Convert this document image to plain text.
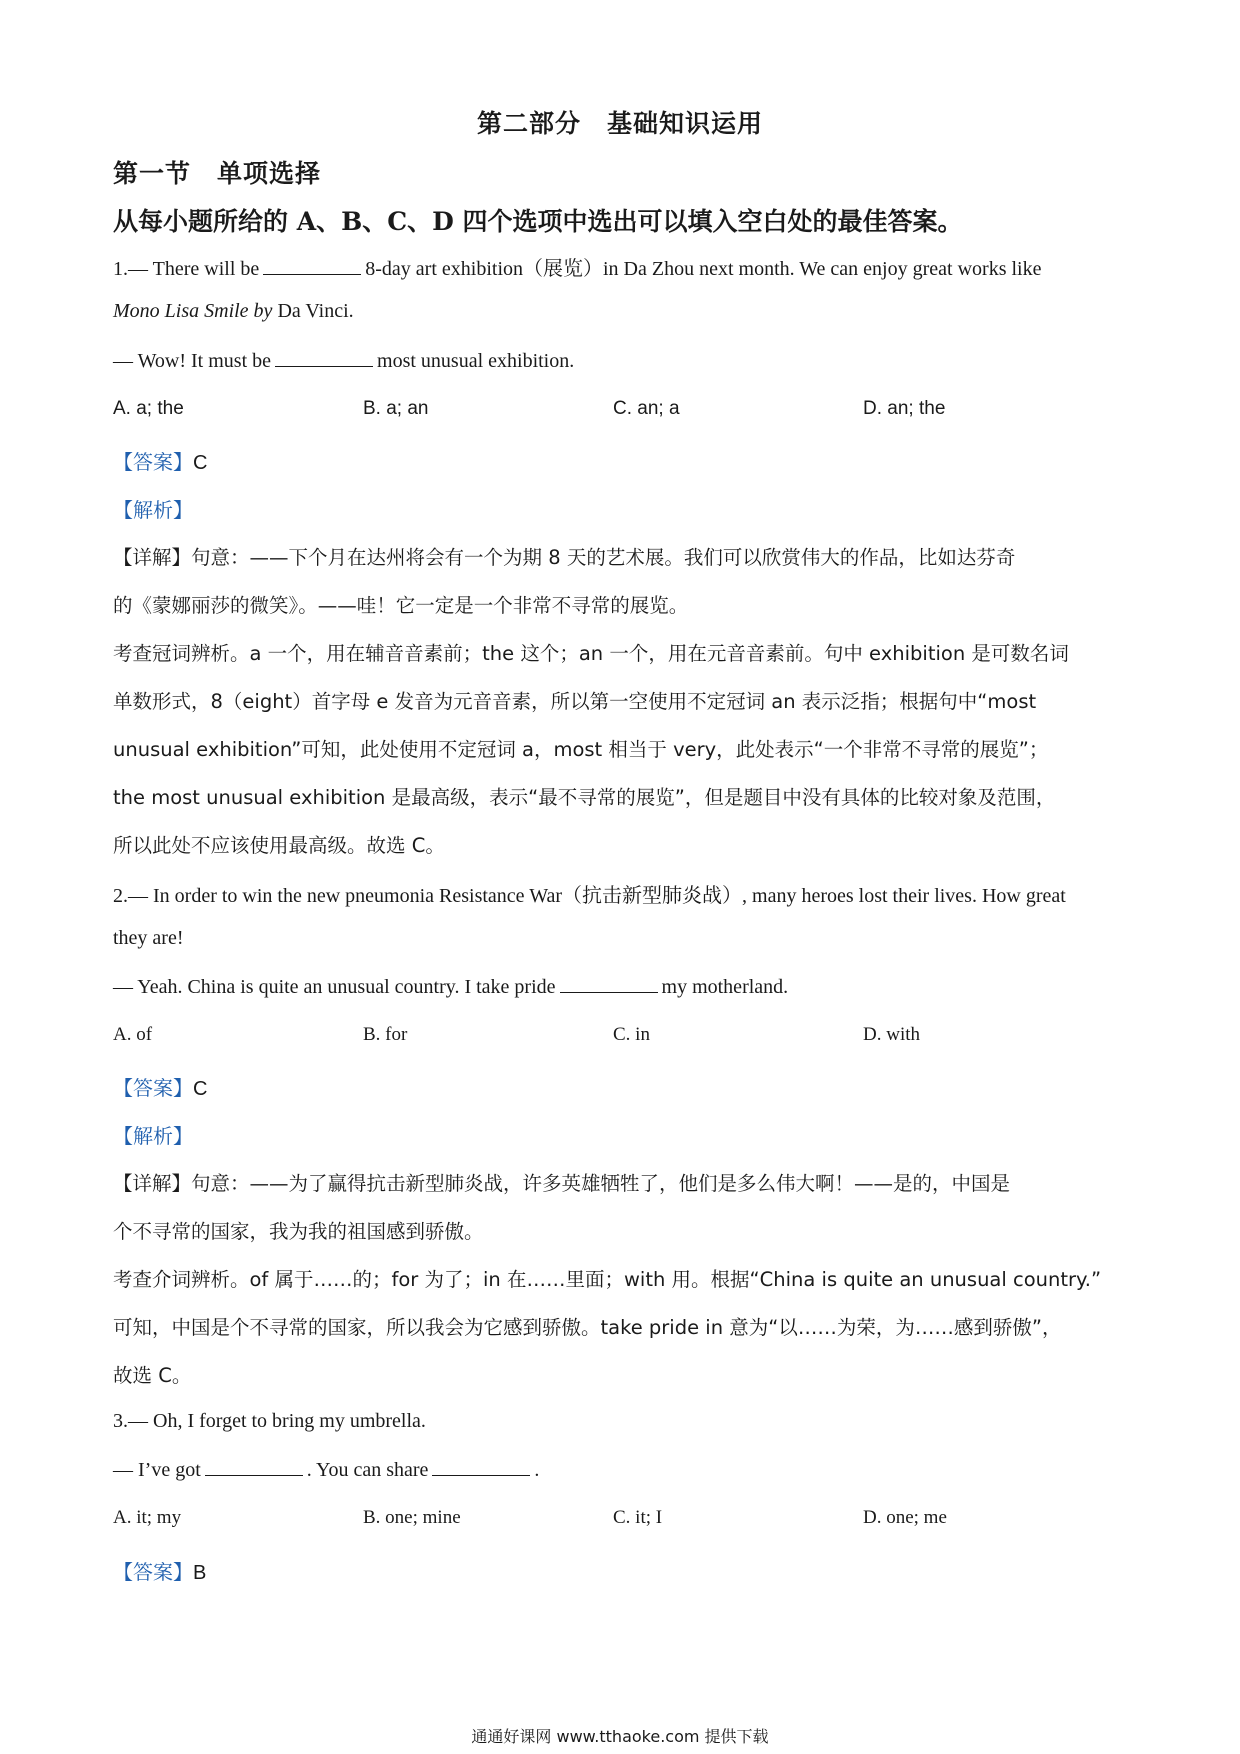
第二部分　基础知识运用
第一节　单项选择
从每小题所给的 A、B、C、D 四个选项中选出可以填入空白处的最佳答案。
1.— There will be	8-day art exhibition（展览）in Da Zhou next month. We can enjoy great works like
Mono Lisa Smile by Da Vinci.
— Wow! It must be	most unusual exhibition.
A. a; the	B. a; an	C. an; a	D. an; the
【答案】C
【解析】
【详解】句意：——下个月在达州将会有一个为期 8 天的艺术展。我们可以欣赏伟大的作品，比如达芬奇
的《蒙娜丽莎的微笑》。——哇！它一定是一个非常不寻常的展览。
考查冠词辨析。a 一个，用在辅音音素前；the 这个；an 一个，用在元音音素前。句中 exhibition 是可数名词
单数形式，8（eight）首字母 e 发音为元音音素，所以第一空使用不定冠词 an 表示泛指；根据句中“most
unusual exhibition”可知，此处使用不定冠词 a，most 相当于 very，此处表示“一个非常不寻常的展览”；
the most unusual exhibition 是最高级，表示“最不寻常的展览”，但是题目中没有具体的比较对象及范围，
所以此处不应该使用最高级。故选 C。
2.— In order to win the new pneumonia Resistance War（抗击新型肺炎战）, many heroes lost their lives. How great
they are!
— Yeah. China is quite an unusual country. I take pride	my motherland.
A. of	B. for	C. in	D. with
【答案】C
【解析】
【详解】句意：——为了赢得抗击新型肺炎战，许多英雄牺牲了，他们是多么伟大啊！——是的，中国是
个不寻常的国家，我为我的祖国感到骄傲。
考查介词辨析。of 属于……的；for 为了；in 在……里面；with 用。根据“China is quite an unusual country.”
可知，中国是个不寻常的国家，所以我会为它感到骄傲。take pride in 意为“以……为荣，为……感到骄傲”，
故选 C。
3.— Oh, I forget to bring my umbrella.
— I’ve got	. You can share	.
A. it; my	B. one; mine	C. it; I	D. one; me
【答案】B
通通好课网 www.tthaoke.com 提供下载
